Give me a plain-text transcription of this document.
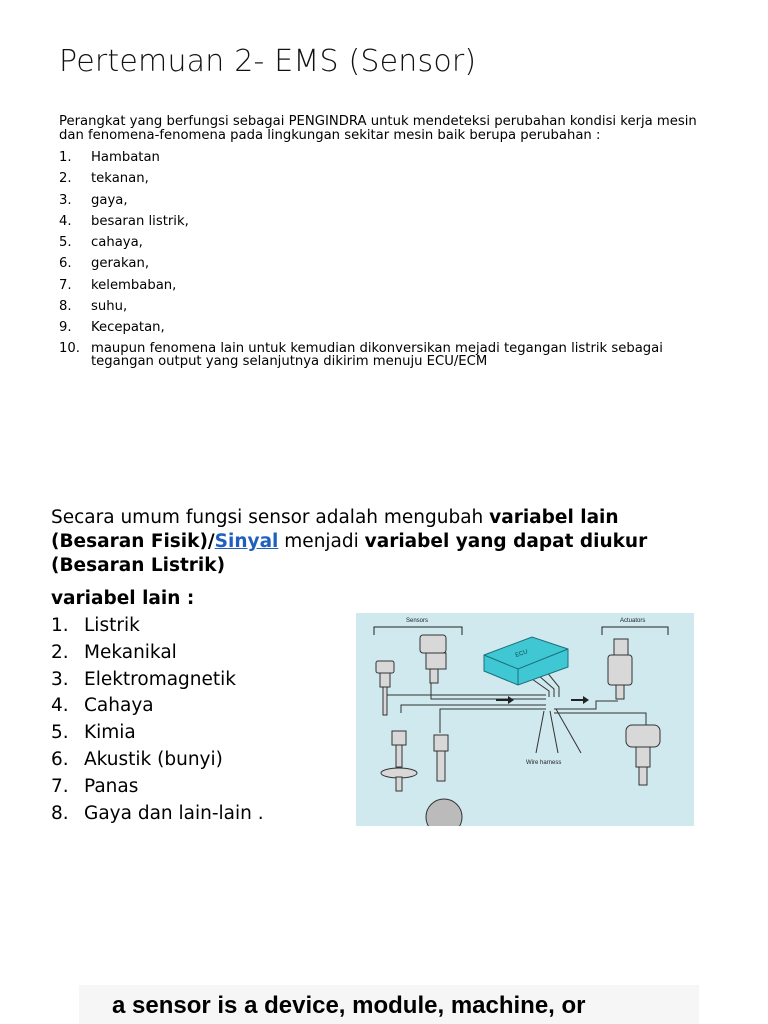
Pertemuan 2- EMS (Sensor)
Perangkat yang berfungsi sebagai PENGINDRA untuk mendeteksi perubahan kondisi kerja mesin dan fenomena-fenomena pada lingkungan sekitar mesin baik berupa perubahan :
1.	Hambatan
2.	tekanan,
3.	gaya,
4.	besaran listrik,
5.	cahaya,
6.	gerakan,
7.	kelembaban,
8.	suhu,
9.	Kecepatan,
10. maupun fenomena lain untuk kemudian dikonversikan mejadi tegangan listrik sebagai tegangan output yang selanjutnya dikirim menuju ECU/ECM
Secara umum fungsi sensor adalah mengubah variabel lain (Besaran Fisik)/Sinyal menjadi variabel yang dapat diukur (Besaran Listrik)
variabel lain :
1. Listrik
2. Mekanikal
3. Elektromagnetik
4. Cahaya
5. Kimia
6. Akustik (bunyi)
7. Panas
8. Gaya dan lain-lain .
Sensors	Actuators
ECU
Wire harness
a sensor is a device, module, machine, or
